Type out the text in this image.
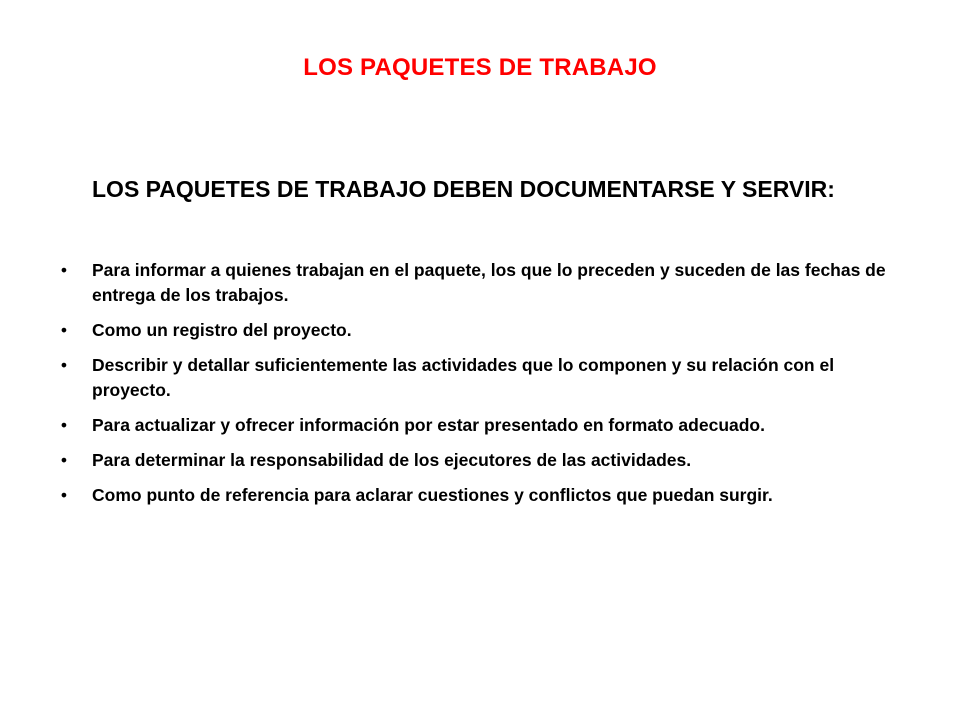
LOS PAQUETES DE TRABAJO
LOS PAQUETES DE TRABAJO DEBEN DOCUMENTARSE Y SERVIR:
• Para informar a quienes trabajan en el paquete, los que lo preceden y suceden de las fechas de entrega de los trabajos.
• Como un registro del proyecto.
• Describir y detallar suficientemente las actividades que lo componen y su relación con el proyecto.
• Para actualizar y ofrecer información por estar presentado en formato adecuado.
• Para determinar la responsabilidad de los ejecutores de las actividades.
• Como punto de referencia para aclarar cuestiones y conflictos que puedan surgir.
